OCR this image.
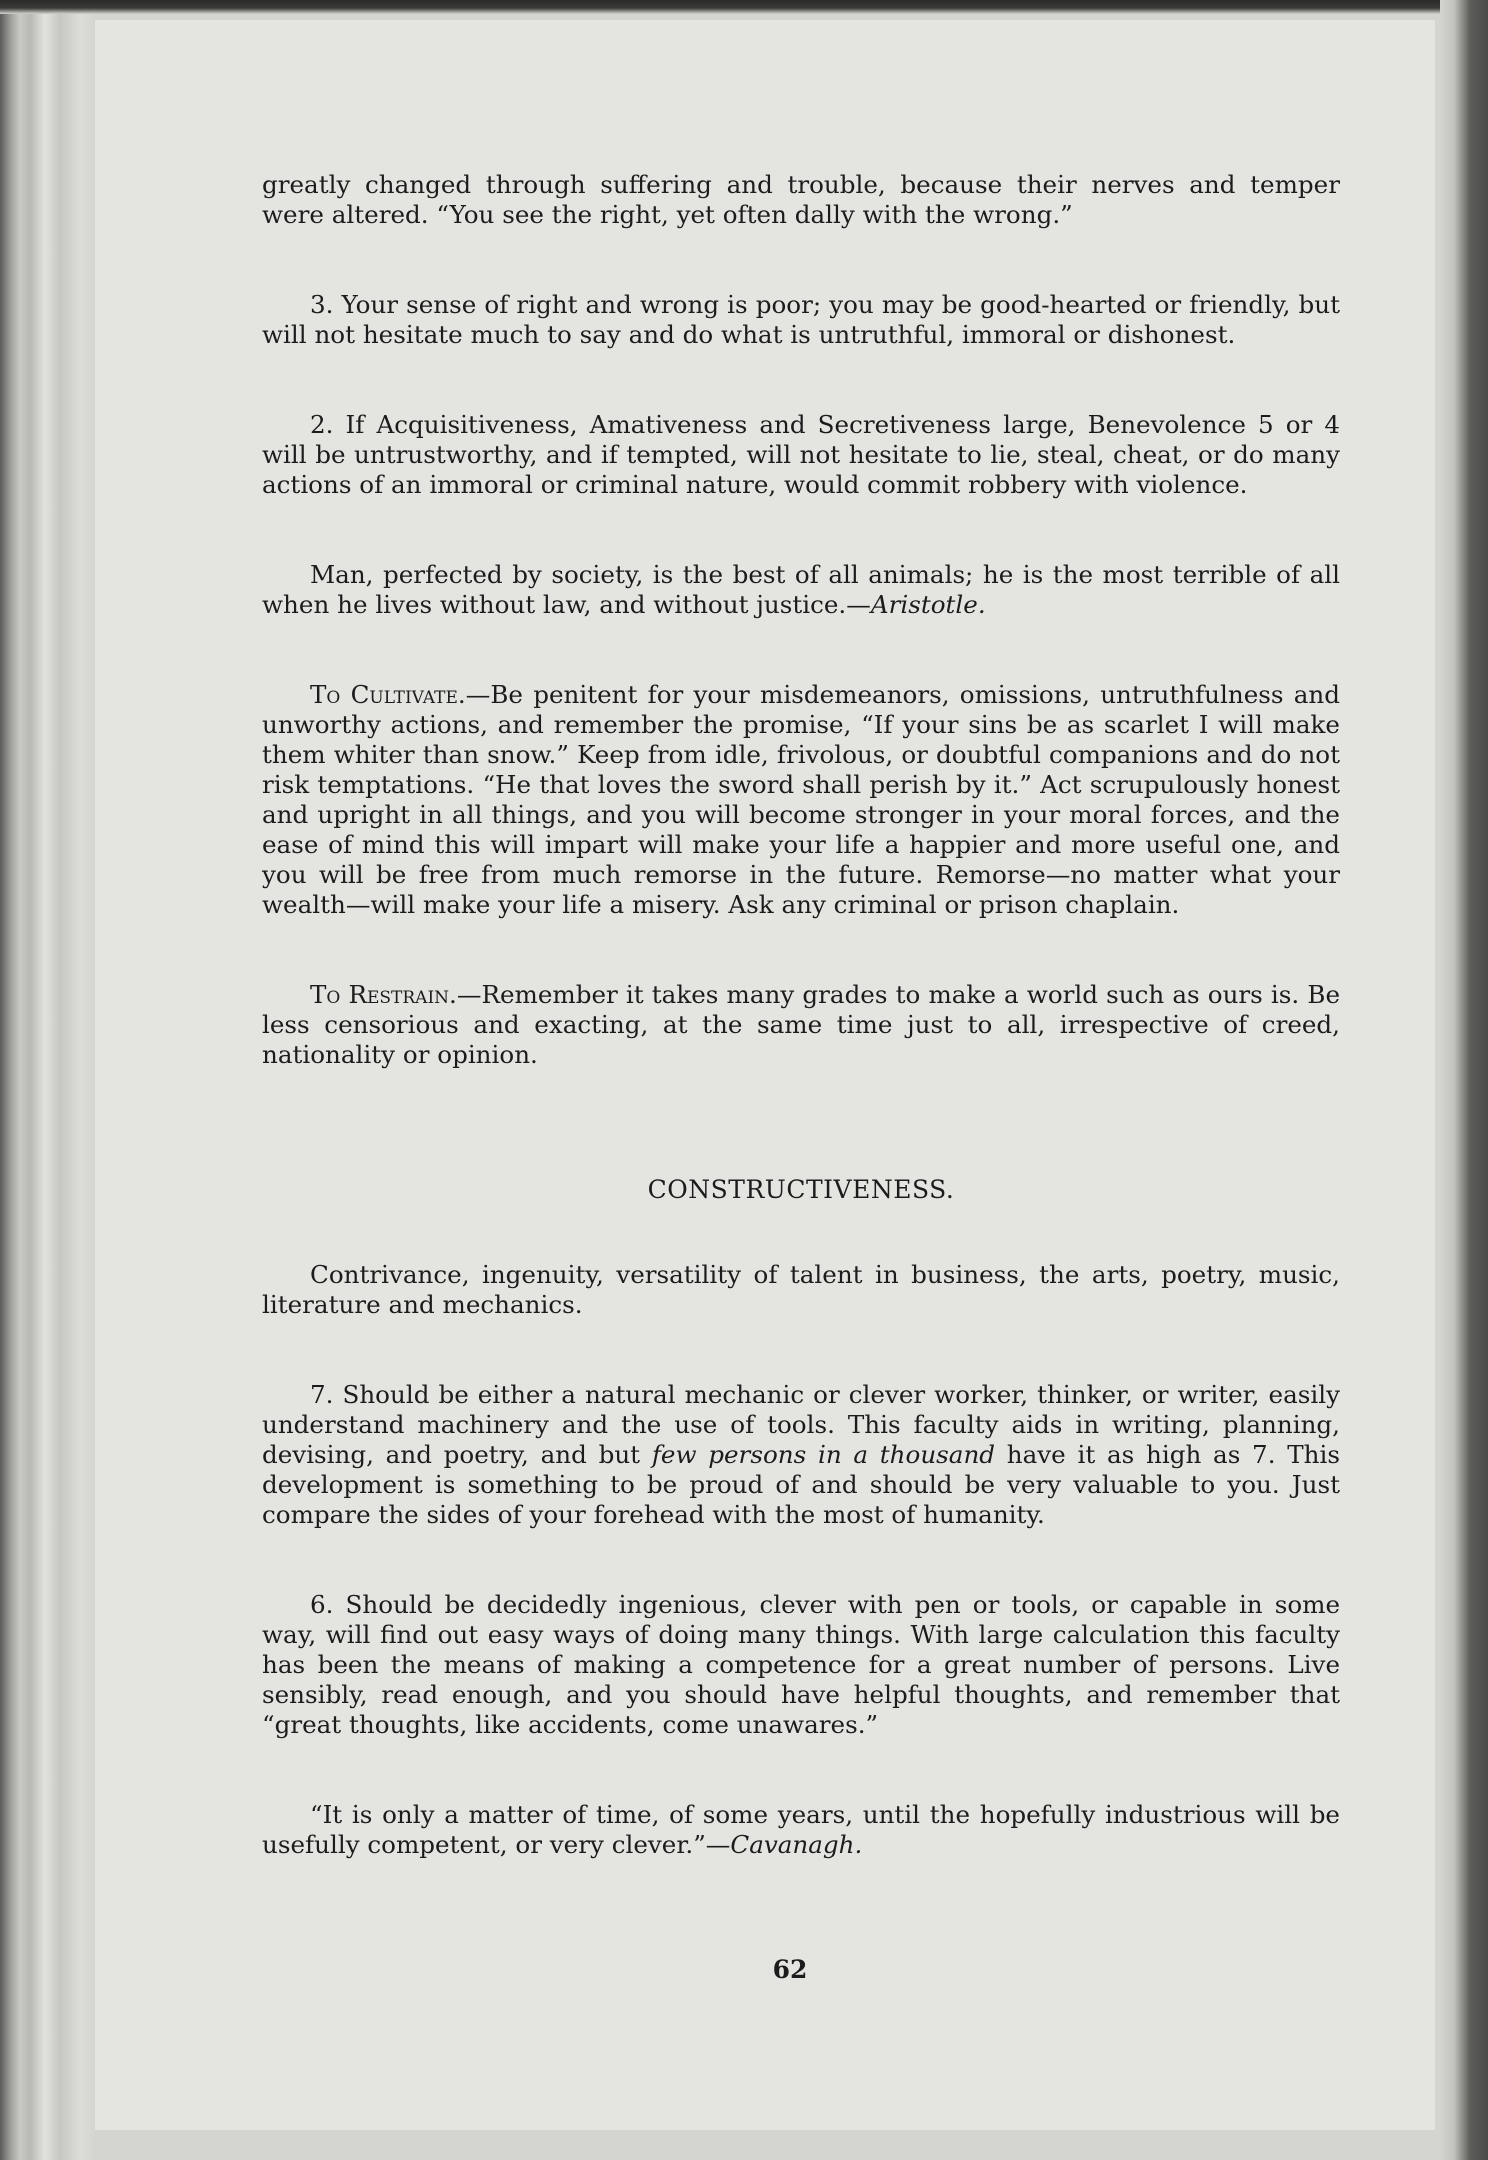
greatly changed through suffering and trouble, because their nerves and temper were altered. “You see the right, yet often dally with the wrong.”

3. Your sense of right and wrong is poor; you may be good-hearted or friendly, but will not hesitate much to say and do what is untruthful, immoral or dishonest.

2. If Acquisitiveness, Amativeness and Secretiveness large, Benevolence 5 or 4 will be untrustworthy, and if tempted, will not hesitate to lie, steal, cheat, or do many actions of an immoral or criminal nature, would commit robbery with violence.

Man, perfected by society, is the best of all animals; he is the most terrible of all when he lives without law, and without justice.—Aristotle.

To Cultivate.—Be penitent for your misdemeanors, omissions, untruthfulness and unworthy actions, and remember the promise, “If your sins be as scarlet I will make them whiter than snow.” Keep from idle, frivolous, or doubtful companions and do not risk temptations. “He that loves the sword shall perish by it.” Act scrupulously honest and upright in all things, and you will become stronger in your moral forces, and the ease of mind this will impart will make your life a happier and more useful one, and you will be free from much remorse in the future. Remorse—no matter what your wealth—will make your life a misery. Ask any criminal or prison chaplain.

To Restrain.—Remember it takes many grades to make a world such as ours is. Be less censorious and exacting, at the same time just to all, irrespective of creed, nationality or opinion.

CONSTRUCTIVENESS.

Contrivance, ingenuity, versatility of talent in business, the arts, poetry, music, literature and mechanics.

7. Should be either a natural mechanic or clever worker, thinker, or writer, easily understand machinery and the use of tools. This faculty aids in writing, planning, devising, and poetry, and but few persons in a thousand have it as high as 7. This development is something to be proud of and should be very valuable to you. Just compare the sides of your forehead with the most of humanity.

6. Should be decidedly ingenious, clever with pen or tools, or capable in some way, will find out easy ways of doing many things. With large calculation this faculty has been the means of making a competence for a great number of persons. Live sensibly, read enough, and you should have helpful thoughts, and remember that “great thoughts, like accidents, come unawares.”

“It is only a matter of time, of some years, until the hopefully industrious will be usefully competent, or very clever.”—Cavanagh.

62
